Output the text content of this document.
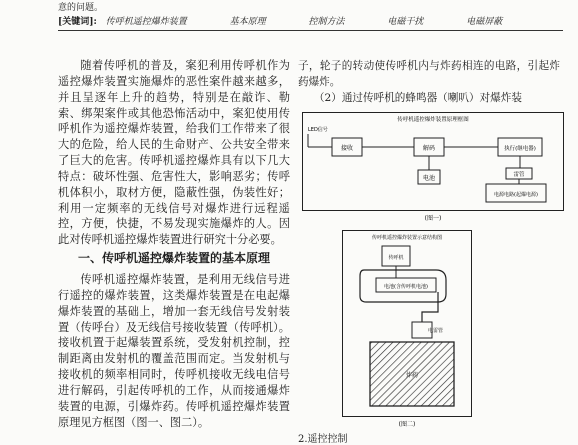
意的问题。
[关键词]: 传呼机遥控爆炸装置	基本原理	控制方法	电磁干扰	电磁屏蔽

随着传呼机的普及，案犯利用传呼机作为遥控爆炸装置实施爆炸的恶性案件越来越多，并且呈逐年上升的趋势，特别是在敲诈、勒索、绑架案件或其他恐怖活动中，案犯使用传呼机作为遥控爆炸装置，给我们工作带来了很大的危险，给人民的生命财产、公共安全带来了巨大的危害。传呼机遥控爆炸具有以下几大特点：破坏性强、危害性大，影响恶劣；传呼机体积小，取材方便，隐蔽性强，伪装性好；利用一定频率的无线信号对爆炸进行远程遥控，方便，快捷，不易发现实施爆炸的人。因此对传呼机遥控爆炸装置进行研究十分必要。

一、传呼机遥控爆炸装置的基本原理

传呼机遥控爆炸装置，是利用无线信号进行遥控的爆炸装置，这类爆炸装置是在电起爆爆炸装置的基础上，增加一套无线信号发射装置（传呼台）及无线信号接收装置（传呼机）。接收机置于起爆装置系统，受发射机控制，控制距离由发射机的覆盖范围而定。当发射机与接收机的频率相同时，传呼机接收无线电信号进行解码，引起传呼机的工作，从而接通爆炸装置的电源，引爆炸药。传呼机遥控爆炸装置原理见方框图（图一、图二）。

子，轮子的转动使传呼机内与炸药相连的电路，引起炸药爆炸。

（2）通过传呼机的蜂鸣器（喇叭）对爆炸装

传呼机遥控爆炸装置原理框图
LED信号
接收	解码	执行(继电器)
电池	雷管
电源电路(起爆电源)
(图一)
传呼机遥控爆炸装置示意结构图
传呼机
电池(含传呼机电池)
电雷管
炸药
(图二)
2.遥控控制
